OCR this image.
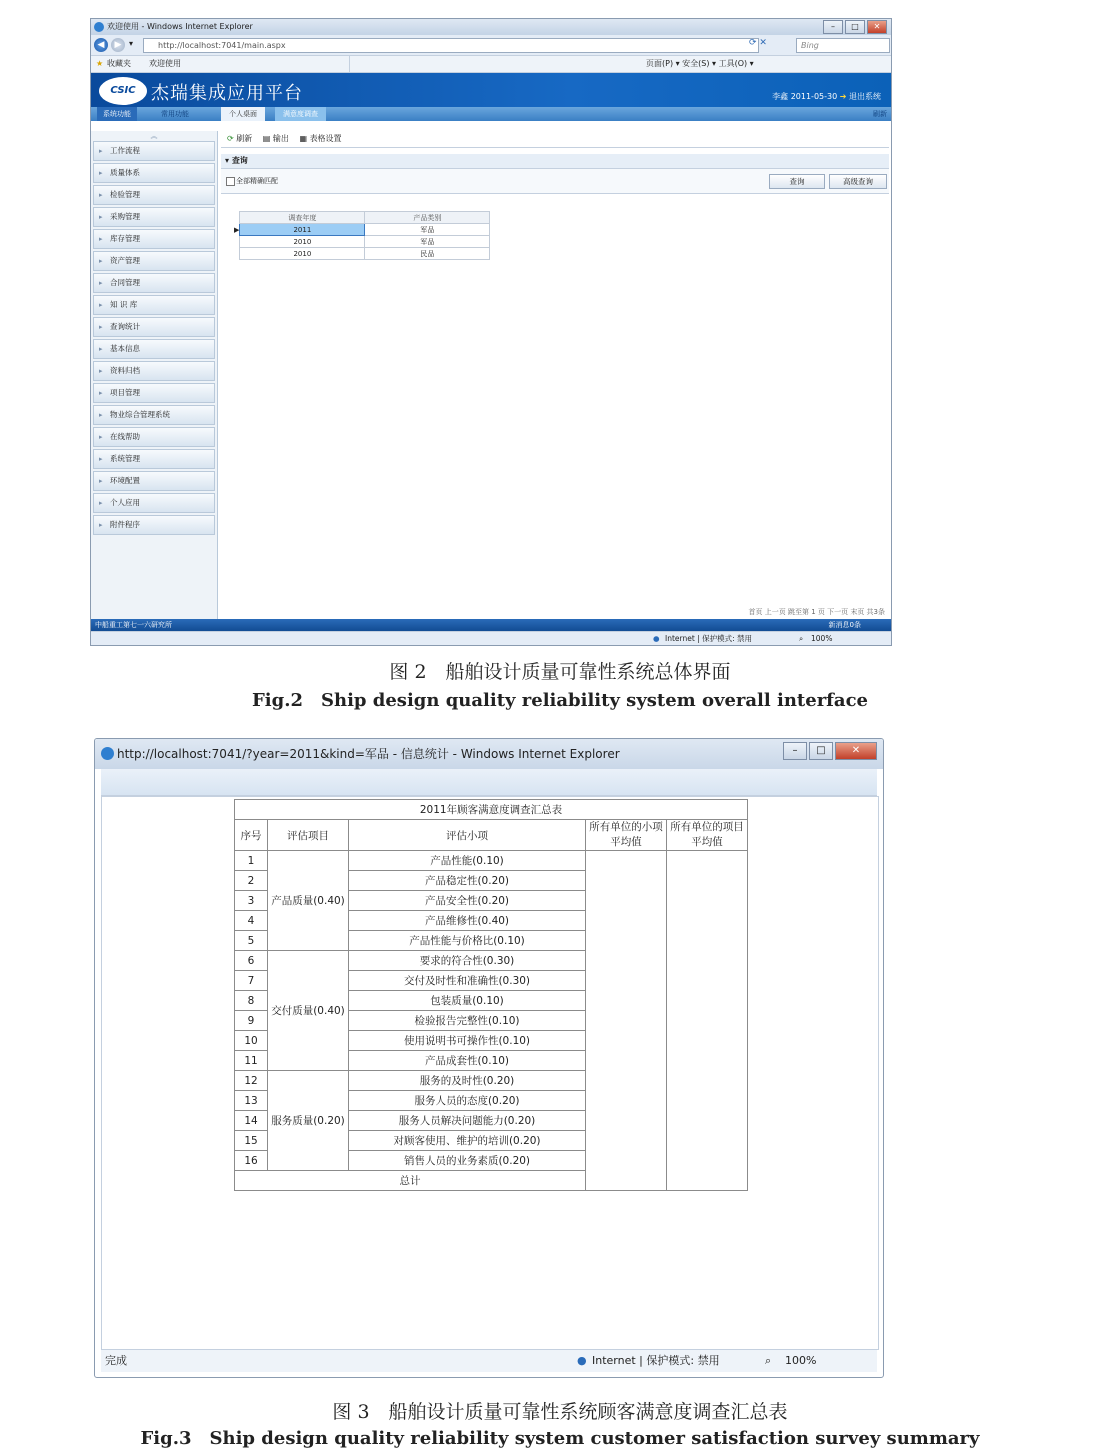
欢迎使用 - Windows Internet Explorer	–	□	✕
◀	▶ ▾	http://localhost:7041/main.aspx	⟳ ✕	Bing
★ 收藏夹 欢迎使用	页面(P) ▾ 安全(S) ▾ 工具(O) ▾
CSIC 杰瑞集成应用平台	李鑫 2011-05-30 ➔ 退出系统
系统功能	常用功能	个人桌面	满意度调查	刷新
︽
▸ 工作流程
▸ 质量体系
▸ 检验管理
▸ 采购管理
▸ 库存管理
▸ 资产管理
▸ 合同管理
▸ 知 识 库
▸ 查询统计
▸ 基本信息
▸ 资料归档
▸ 项目管理
▸ 物业综合管理系统
▸ 在线帮助
▸ 系统管理
▸ 环境配置
▸ 个人应用
▸ 附件程序
⟳ 刷新 ▤ 输出 ▦ 表格设置
▾ 查询
全部精确匹配	查询	高级查询
	调查年度	产品类别
▶	2011	军品
	2010	军品
	2010	民品
首页 上一页 跳至第 1 页 下一页 末页 共3条
中船重工第七一六研究所	新消息0条
● Internet | 保护模式: 禁用	⌕ 100%
图 2　船舶设计质量可靠性系统总体界面
Fig.2　Ship design quality reliability system overall interface
http://localhost:7041/?year=2011&kind=军品 - 信息统计 - Windows Internet Explorer	–	□	✕
2011年顾客满意度调查汇总表				
序号	评估项目	评估小项	所有单位的小项平均值	所有单位的项目平均值
1	产品质量(0.40)	产品性能(0.10)		
2		产品稳定性(0.20)		
3		产品安全性(0.20)		
4		产品维修性(0.40)		
5		产品性能与价格比(0.10)		
6	交付质量(0.40)	要求的符合性(0.30)		
7		交付及时性和准确性(0.30)		
8		包装质量(0.10)		
9		检验报告完整性(0.10)		
10		使用说明书可操作性(0.10)		
11		产品成套性(0.10)		
12	服务质量(0.20)	服务的及时性(0.20)		
13		服务人员的态度(0.20)		
14		服务人员解决问题能力(0.20)		
15		对顾客使用、维护的培训(0.20)		
16		销售人员的业务素质(0.20)		
总计				
完成	● Internet | 保护模式: 禁用	⌕ 100%
图 3　船舶设计质量可靠性系统顾客满意度调查汇总表
Fig.3　Ship design quality reliability system customer satisfaction survey summary
